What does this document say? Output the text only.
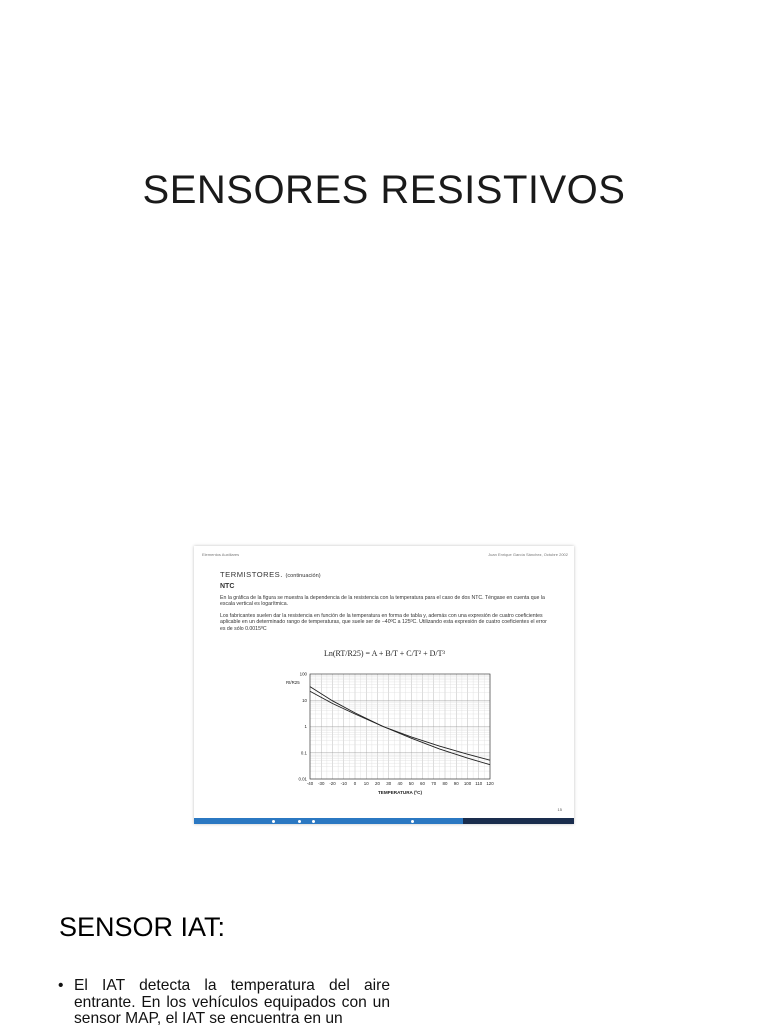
SENSORES RESISTIVOS
Elementos Auxiliares	Juan Enrique García Sánchez, Octubre 2002

TERMISTORES. (continuación)

NTC

En la gráfica de la figura se muestra la dependencia de la resistencia con la temperatura para el caso de dos NTC. Téngase en cuenta que la escala vertical es logarítmica.

Los fabricantes suelen dar la resistencia en función de la temperatura en forma de tabla y, además con una expresión de cuatro coeficientes aplicable en un determinado rango de temperaturas, que suele ser de −40ºC a 125ºC. Utilizando esta expresión de cuatro coeficientes el error es de sólo 0.0015ºC

Ln(RT/R25) = A + B/T + C/T² + D/T³
100
10
1
0.1
0.01
-40 -30 -20 -10 0 10 20 30 40 50 60 70 80 90 100 110 120
Rt/R25
TEMPERATURA (ºC)
15
SENSOR IAT:

• El IAT detecta la temperatura del aire entrante. En los vehículos equipados con un sensor MAP, el IAT se encuentra en un
